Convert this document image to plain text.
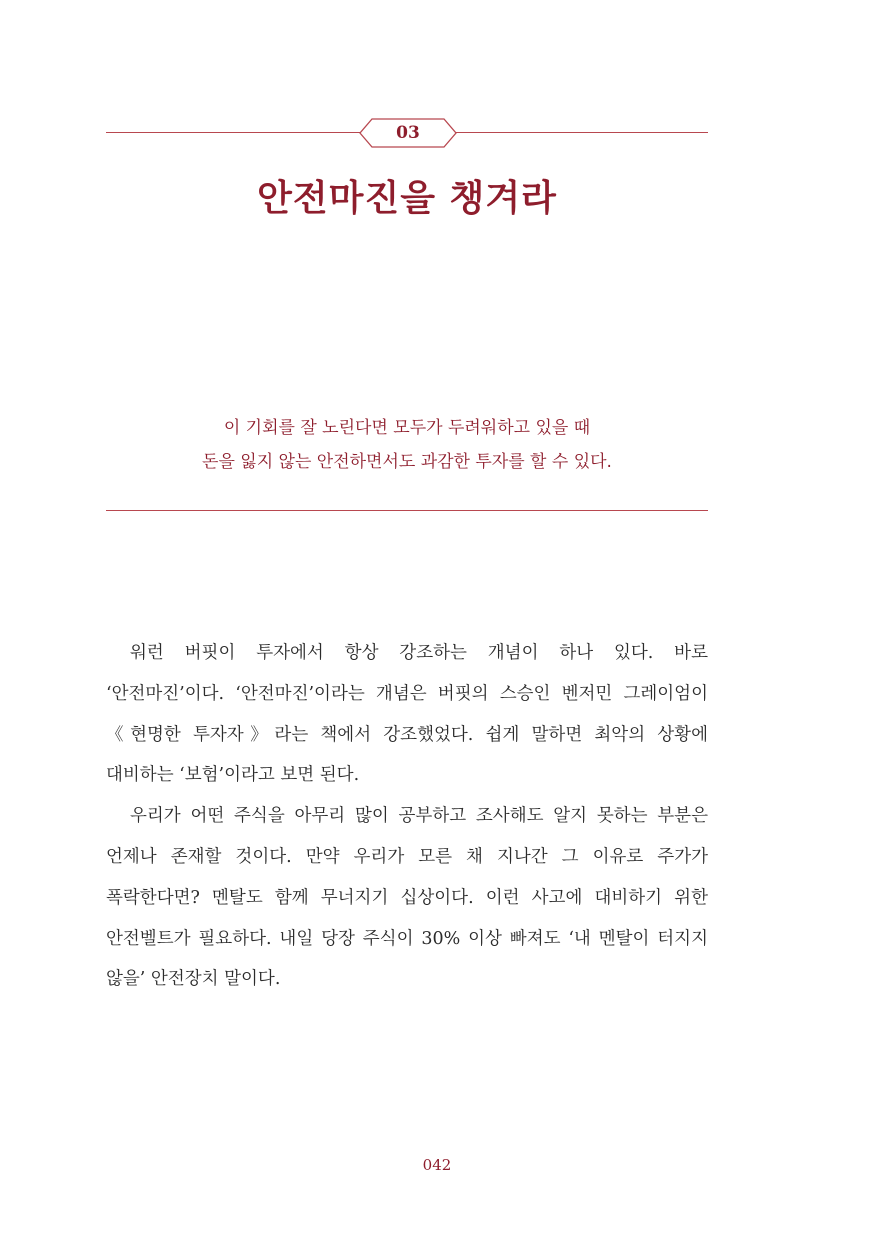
03
안전마진을 챙겨라
이 기회를 잘 노린다면 모두가 두려워하고 있을 때
돈을 잃지 않는 안전하면서도 과감한 투자를 할 수 있다.

워런 버핏이 투자에서 항상 강조하는 개념이 하나 있다. 바로 ‘안전마진’이다. ‘안전마진’이라는 개념은 버핏의 스승인 벤저민 그레이엄이 《현명한 투자자》라는 책에서 강조했었다. 쉽게 말하면 최악의 상황에 대비하는 ‘보험’이라고 보면 된다.

우리가 어떤 주식을 아무리 많이 공부하고 조사해도 알지 못하는 부분은 언제나 존재할 것이다. 만약 우리가 모른 채 지나간 그 이유로 주가가 폭락한다면? 멘탈도 함께 무너지기 십상이다. 이런 사고에 대비하기 위한 안전벨트가 필요하다. 내일 당장 주식이 30% 이상 빠져도 ‘내 멘탈이 터지지 않을’ 안전장치 말이다.

042
